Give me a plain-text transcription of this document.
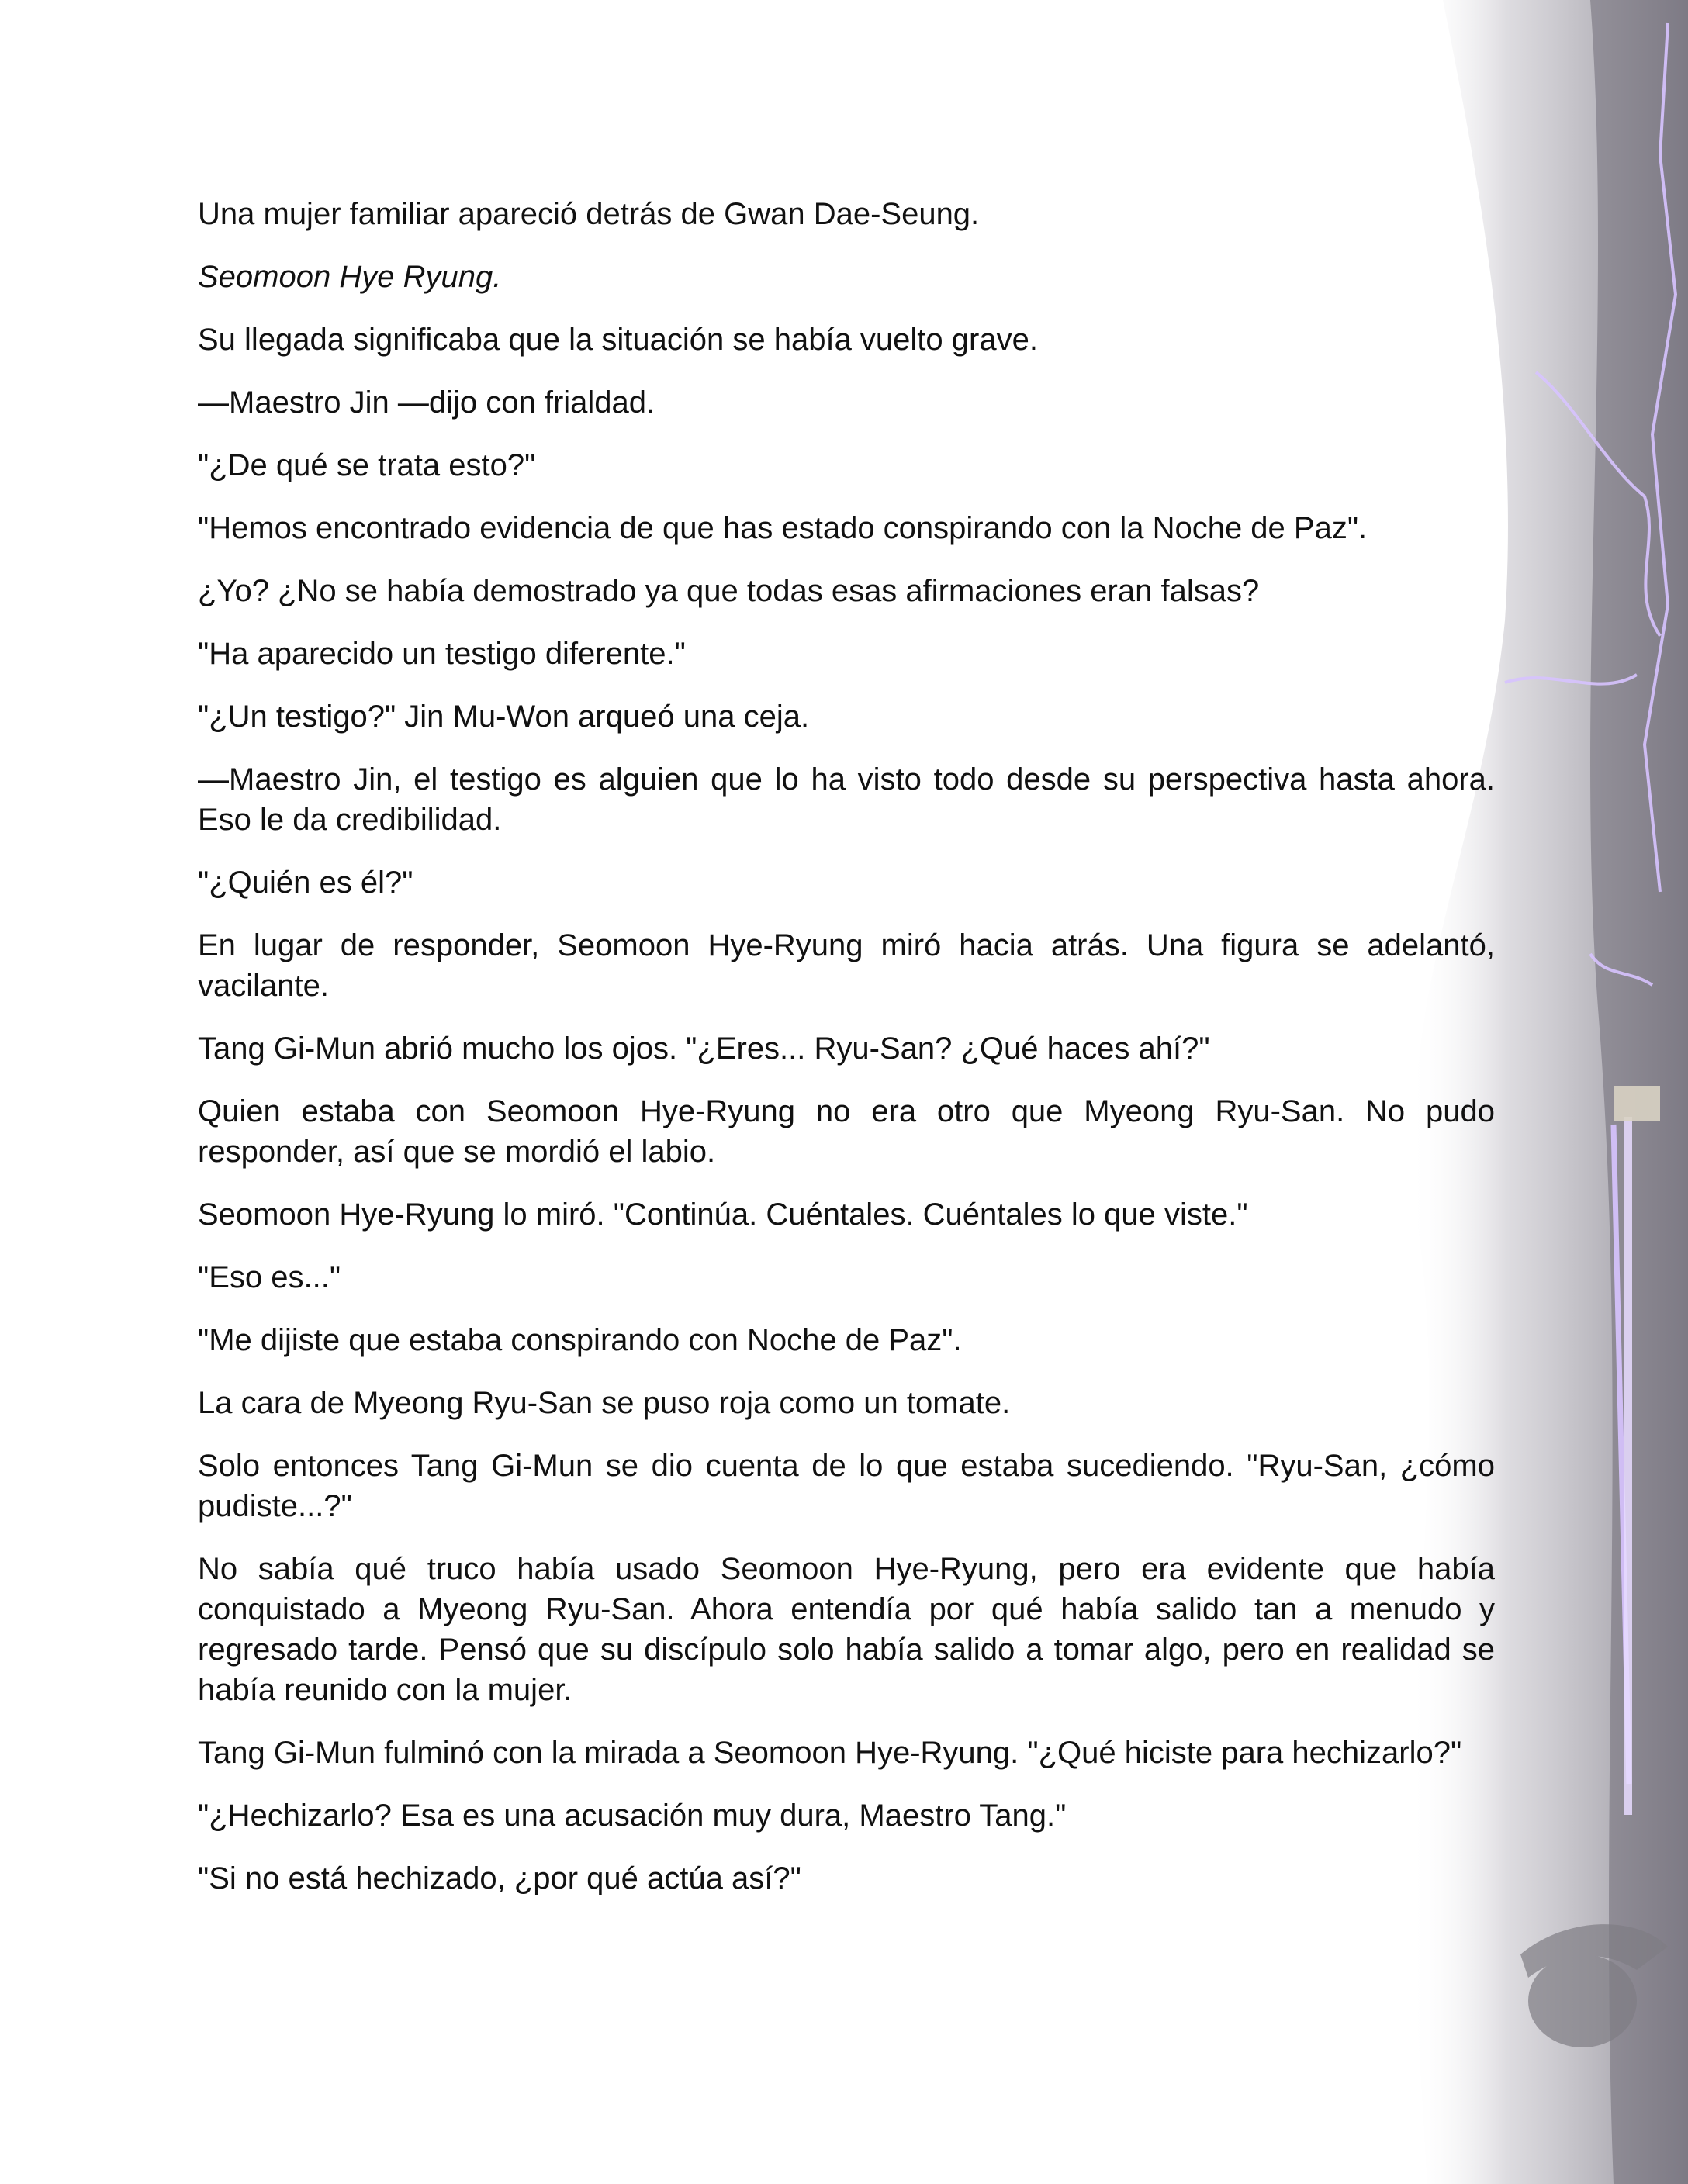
Una mujer familiar apareció detrás de Gwan Dae-Seung.

Seomoon Hye Ryung.

Su llegada significaba que la situación se había vuelto grave.

—Maestro Jin —dijo con frialdad.

"¿De qué se trata esto?"

"Hemos encontrado evidencia de que has estado conspirando con la Noche de Paz".

¿Yo? ¿No se había demostrado ya que todas esas afirmaciones eran falsas?

"Ha aparecido un testigo diferente."

"¿Un testigo?" Jin Mu-Won arqueó una ceja.

—Maestro Jin, el testigo es alguien que lo ha visto todo desde su perspectiva hasta ahora. Eso le da credibilidad.

"¿Quién es él?"

En lugar de responder, Seomoon Hye-Ryung miró hacia atrás. Una figura se adelantó, vacilante.

Tang Gi-Mun abrió mucho los ojos. "¿Eres... Ryu-San? ¿Qué haces ahí?"

Quien estaba con Seomoon Hye-Ryung no era otro que Myeong Ryu-San. No pudo responder, así que se mordió el labio.

Seomoon Hye-Ryung lo miró. "Continúa. Cuéntales. Cuéntales lo que viste."

"Eso es..."

"Me dijiste que estaba conspirando con Noche de Paz".

La cara de Myeong Ryu-San se puso roja como un tomate.

Solo entonces Tang Gi-Mun se dio cuenta de lo que estaba sucediendo. "Ryu-San, ¿cómo pudiste...?"

No sabía qué truco había usado Seomoon Hye-Ryung, pero era evidente que había conquistado a Myeong Ryu-San. Ahora entendía por qué había salido tan a menudo y regresado tarde. Pensó que su discípulo solo había salido a tomar algo, pero en realidad se había reunido con la mujer.

Tang Gi-Mun fulminó con la mirada a Seomoon Hye-Ryung. "¿Qué hiciste para hechizarlo?"

"¿Hechizarlo? Esa es una acusación muy dura, Maestro Tang."

"Si no está hechizado, ¿por qué actúa así?"
